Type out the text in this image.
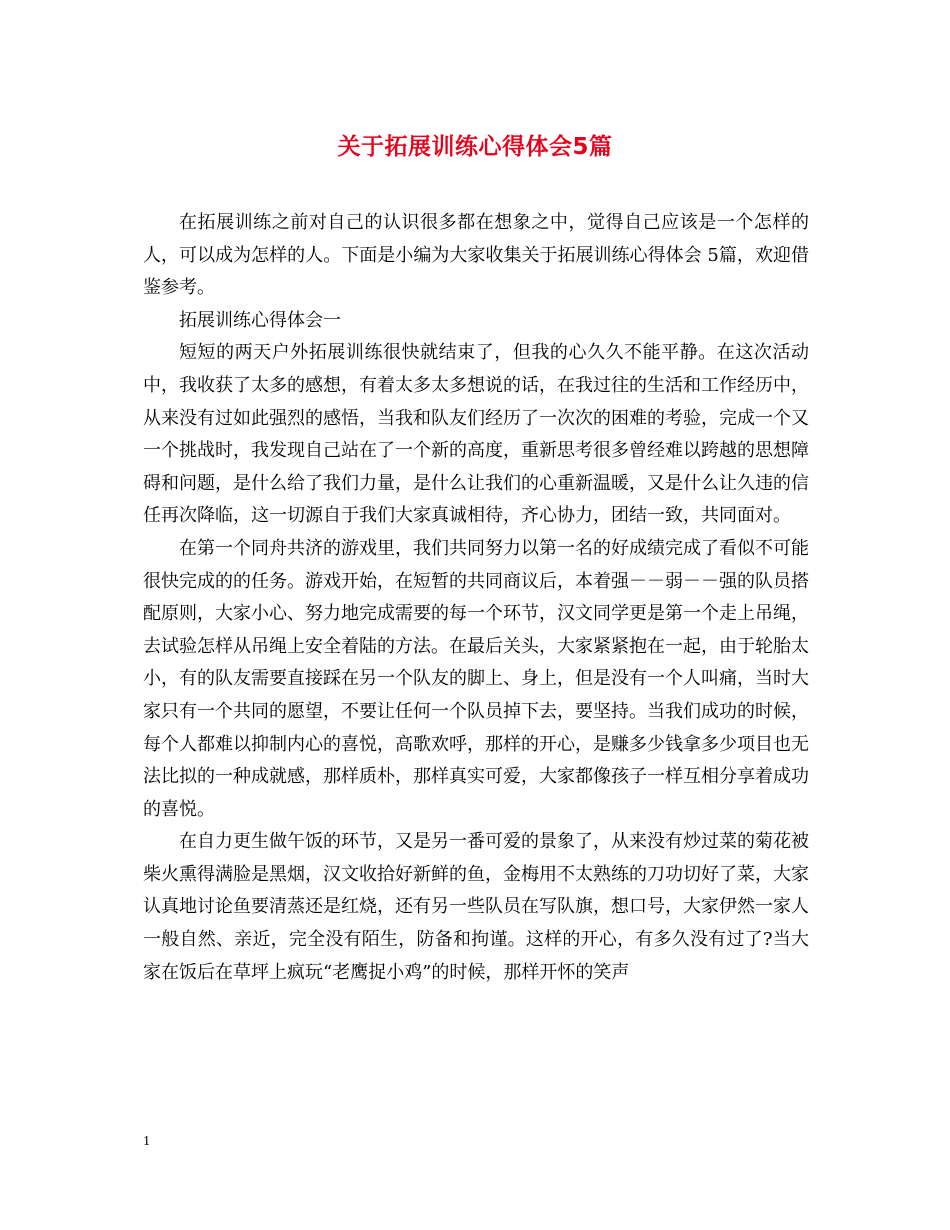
关于拓展训练心得体会5篇

在拓展训练之前对自己的认识很多都在想象之中，觉得自己应该是一个怎样的人，可以成为怎样的人。下面是小编为大家收集关于拓展训练心得体会 5篇，欢迎借鉴参考。

拓展训练心得体会一

短短的两天户外拓展训练很快就结束了，但我的心久久不能平静。在这次活动中，我收获了太多的感想，有着太多太多想说的话，在我过往的生活和工作经历中，从来没有过如此强烈的感悟，当我和队友们经历了一次次的困难的考验，完成一个又一个挑战时，我发现自己站在了一个新的高度，重新思考很多曾经难以跨越的思想障碍和问题，是什么给了我们力量，是什么让我们的心重新温暖，又是什么让久违的信任再次降临，这一切源自于我们大家真诚相待，齐心协力，团结一致，共同面对。

在第一个同舟共济的游戏里，我们共同努力以第一名的好成绩完成了看似不可能很快完成的的任务。游戏开始，在短暂的共同商议后，本着强－－弱－－强的队员搭配原则，大家小心、努力地完成需要的每一个环节，汉文同学更是第一个走上吊绳，去试验怎样从吊绳上安全着陆的方法。在最后关头，大家紧紧抱在一起，由于轮胎太小，有的队友需要直接踩在另一个队友的脚上、身上，但是没有一个人叫痛，当时大家只有一个共同的愿望，不要让任何一个队员掉下去，要坚持。当我们成功的时候，每个人都难以抑制内心的喜悦，高歌欢呼，那样的开心，是赚多少钱拿多少项目也无法比拟的一种成就感，那样质朴，那样真实可爱，大家都像孩子一样互相分享着成功的喜悦。

在自力更生做午饭的环节，又是另一番可爱的景象了，从来没有炒过菜的菊花被柴火熏得满脸是黑烟，汉文收拾好新鲜的鱼，金梅用不太熟练的刀功切好了菜，大家认真地讨论鱼要清蒸还是红烧，还有另一些队员在写队旗，想口号，大家伊然一家人一般自然、亲近，完全没有陌生，防备和拘谨。这样的开心，有多久没有过了?当大家在饭后在草坪上疯玩“老鹰捉小鸡”的时候，那样开怀的笑声

1
